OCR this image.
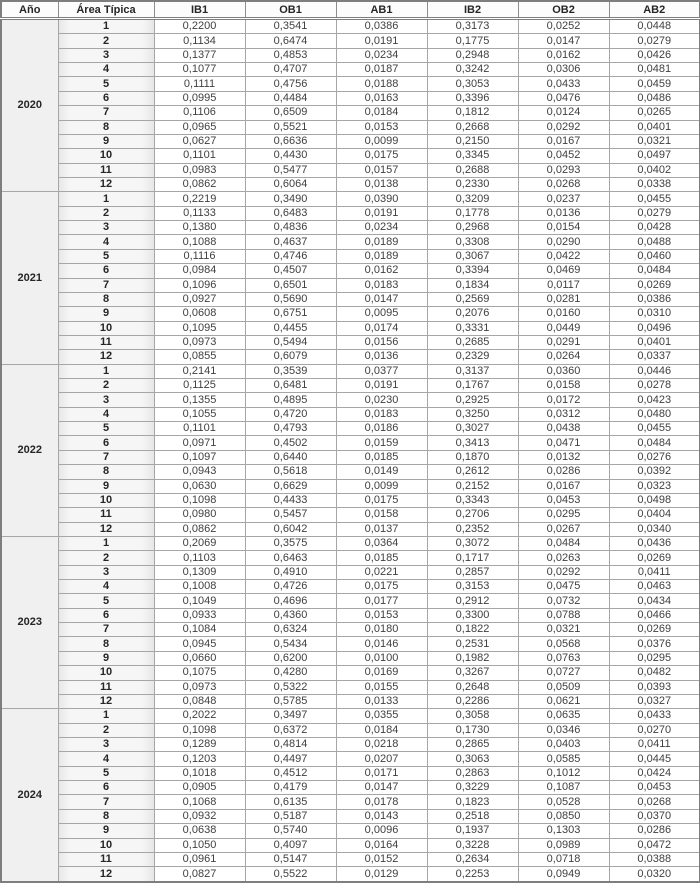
Año	Área Típica	IB1	OB1	AB1	IB2	OB2	AB2
2020	1	0,2200	0,3541	0,0386	0,3173	0,0252	0,0448
	2	0,1134	0,6474	0,0191	0,1775	0,0147	0,0279
	3	0,1377	0,4853	0,0234	0,2948	0,0162	0,0426
	4	0,1077	0,4707	0,0187	0,3242	0,0306	0,0481
	5	0,1111	0,4756	0,0188	0,3053	0,0433	0,0459
	6	0,0995	0,4484	0,0163	0,3396	0,0476	0,0486
	7	0,1106	0,6509	0,0184	0,1812	0,0124	0,0265
	8	0,0965	0,5521	0,0153	0,2668	0,0292	0,0401
	9	0,0627	0,6636	0,0099	0,2150	0,0167	0,0321
	10	0,1101	0,4430	0,0175	0,3345	0,0452	0,0497
	11	0,0983	0,5477	0,0157	0,2688	0,0293	0,0402
	12	0,0862	0,6064	0,0138	0,2330	0,0268	0,0338
2021	1	0,2219	0,3490	0,0390	0,3209	0,0237	0,0455
	2	0,1133	0,6483	0,0191	0,1778	0,0136	0,0279
	3	0,1380	0,4836	0,0234	0,2968	0,0154	0,0428
	4	0,1088	0,4637	0,0189	0,3308	0,0290	0,0488
	5	0,1116	0,4746	0,0189	0,3067	0,0422	0,0460
	6	0,0984	0,4507	0,0162	0,3394	0,0469	0,0484
	7	0,1096	0,6501	0,0183	0,1834	0,0117	0,0269
	8	0,0927	0,5690	0,0147	0,2569	0,0281	0,0386
	9	0,0608	0,6751	0,0095	0,2076	0,0160	0,0310
	10	0,1095	0,4455	0,0174	0,3331	0,0449	0,0496
	11	0,0973	0,5494	0,0156	0,2685	0,0291	0,0401
	12	0,0855	0,6079	0,0136	0,2329	0,0264	0,0337
2022	1	0,2141	0,3539	0,0377	0,3137	0,0360	0,0446
	2	0,1125	0,6481	0,0191	0,1767	0,0158	0,0278
	3	0,1355	0,4895	0,0230	0,2925	0,0172	0,0423
	4	0,1055	0,4720	0,0183	0,3250	0,0312	0,0480
	5	0,1101	0,4793	0,0186	0,3027	0,0438	0,0455
	6	0,0971	0,4502	0,0159	0,3413	0,0471	0,0484
	7	0,1097	0,6440	0,0185	0,1870	0,0132	0,0276
	8	0,0943	0,5618	0,0149	0,2612	0,0286	0,0392
	9	0,0630	0,6629	0,0099	0,2152	0,0167	0,0323
	10	0,1098	0,4433	0,0175	0,3343	0,0453	0,0498
	11	0,0980	0,5457	0,0158	0,2706	0,0295	0,0404
	12	0,0862	0,6042	0,0137	0,2352	0,0267	0,0340
2023	1	0,2069	0,3575	0,0364	0,3072	0,0484	0,0436
	2	0,1103	0,6463	0,0185	0,1717	0,0263	0,0269
	3	0,1309	0,4910	0,0221	0,2857	0,0292	0,0411
	4	0,1008	0,4726	0,0175	0,3153	0,0475	0,0463
	5	0,1049	0,4696	0,0177	0,2912	0,0732	0,0434
	6	0,0933	0,4360	0,0153	0,3300	0,0788	0,0466
	7	0,1084	0,6324	0,0180	0,1822	0,0321	0,0269
	8	0,0945	0,5434	0,0146	0,2531	0,0568	0,0376
	9	0,0660	0,6200	0,0100	0,1982	0,0763	0,0295
	10	0,1075	0,4280	0,0169	0,3267	0,0727	0,0482
	11	0,0973	0,5322	0,0155	0,2648	0,0509	0,0393
	12	0,0848	0,5785	0,0133	0,2286	0,0621	0,0327
2024	1	0,2022	0,3497	0,0355	0,3058	0,0635	0,0433
	2	0,1098	0,6372	0,0184	0,1730	0,0346	0,0270
	3	0,1289	0,4814	0,0218	0,2865	0,0403	0,0411
	4	0,1203	0,4497	0,0207	0,3063	0,0585	0,0445
	5	0,1018	0,4512	0,0171	0,2863	0,1012	0,0424
	6	0,0905	0,4179	0,0147	0,3229	0,1087	0,0453
	7	0,1068	0,6135	0,0178	0,1823	0,0528	0,0268
	8	0,0932	0,5187	0,0143	0,2518	0,0850	0,0370
	9	0,0638	0,5740	0,0096	0,1937	0,1303	0,0286
	10	0,1050	0,4097	0,0164	0,3228	0,0989	0,0472
	11	0,0961	0,5147	0,0152	0,2634	0,0718	0,0388
	12	0,0827	0,5522	0,0129	0,2253	0,0949	0,0320
